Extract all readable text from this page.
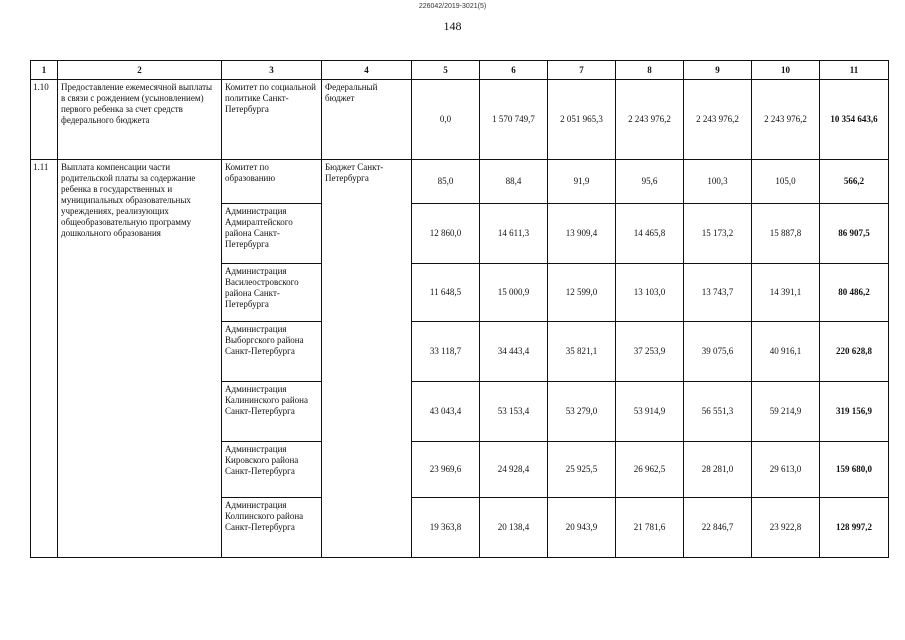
226042/2019-3021(5)
148
1	2	3	4	5	6	7	8	9	10	11
1.10	Предоставление ежемесячной выплаты в связи с рождением (усыновлением) первого ребенка за счет средств федерального бюджета	Комитет по социальной политике Санкт-Петербурга	Федеральный бюджет	0,0	1 570 749,7	2 051 965,3	2 243 976,2	2 243 976,2	2 243 976,2	10 354 643,6
1.11	Выплата компенсации части родительской платы за содержание ребенка в государственных и муниципальных образовательных учреждениях, реализующих общеобразовательную программу дошкольного образования	Комитет по образованию	Бюджет Санкт-Петербурга	85,0	88,4	91,9	95,6	100,3	105,0	566,2
		Администрация Адмиралтейского района Санкт-Петербурга		12 860,0	14 611,3	13 909,4	14 465,8	15 173,2	15 887,8	86 907,5
		Администрация Василеостровского района Санкт-Петербурга		11 648,5	15 000,9	12 599,0	13 103,0	13 743,7	14 391,1	80 486,2
		Администрация Выборгского района Санкт-Петербурга		33 118,7	34 443,4	35 821,1	37 253,9	39 075,6	40 916,1	220 628,8
		Администрация Калининского района Санкт-Петербурга		43 043,4	53 153,4	53 279,0	53 914,9	56 551,3	59 214,9	319 156,9
		Администрация Кировского района Санкт-Петербурга		23 969,6	24 928,4	25 925,5	26 962,5	28 281,0	29 613,0	159 680,0
		Администрация Колпинского района Санкт-Петербурга		19 363,8	20 138,4	20 943,9	21 781,6	22 846,7	23 922,8	128 997,2
